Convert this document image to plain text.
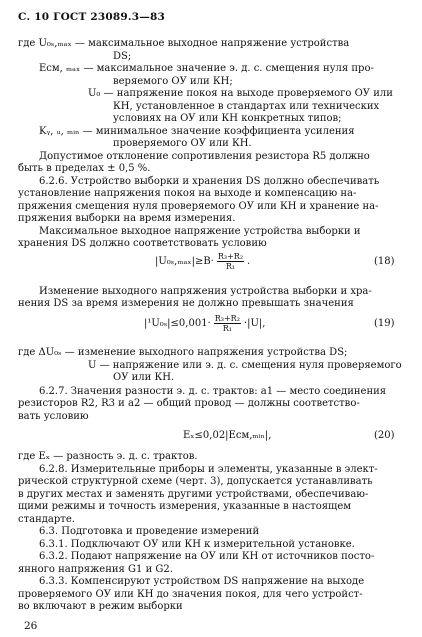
С. 10 ГОСТ 23089.3—83
где U₀ₛ,ₘₐₓ — максимальное выходное напряжение устройства
DS;
Eсм, ₘₐₓ — максимальное значение э. д. с. смещения нуля про-
веряемого ОУ или КН;
U₀ — напряжение покоя на выходе проверяемого ОУ или
КН, установленное в стандартах или технических
условиях на ОУ или КН конкретных типов;
Kᵧ, ᵤ, ₘᵢₙ — минимальное значение коэффициента усиления
проверяемого ОУ или КН.
Допустимое отклонение сопротивления резистора R5 должно
быть в пределах ± 0,5 %.
6.2.6. Устройство выборки и хранения DS должно обеспечивать
установление напряжения покоя на выходе и компенсацию на-
пряжения смещения нуля проверяемого ОУ или КН и хранение на-
пряжения выборки на время измерения.
Максимальное выходное напряжение устройства выборки и
хранения DS должно соответствовать условию
$|U_{0s},_{max}|\ge B\cdot \frac{\text{R₃+R₂}}{\text{R₁}}$ .	(18)
Изменение выходного напряжения устройства выборки и хра-
нения DS за время измерения не должно превышать значения
$|^1U_{0s}|\le 0,001\cdot \frac{\text{R₃+R₂}}{\text{R₁}} \cdot|U|$,	(19)
где ΔU₀ₛ — изменение выходного напряжения устройства DS;
U — напряжение или э. д. с. смещения нуля проверяемого
ОУ или КН.
6.2.7. Значения разности э. д. с. трактов: a1 — место соединения
резисторов R2, R3 и a2 — общий провод — должны соответство-
вать условию
Eₓ≤0,02|Eсм,ₘᵢₙ|,	(20)
где Eₓ — разность э. д. с. трактов.
6.2.8. Измерительные приборы и элементы, указанные в элект-
рической структурной схеме (черт. 3), допускается устанавливать
в других местах и заменять другими устройствами, обеспечиваю-
щими режимы и точность измерения, указанные в настоящем
стандарте.
6.3. Подготовка и проведение измерений
6.3.1. Подключают ОУ или КН к измерительной установке.
6.3.2. Подают напряжение на ОУ или КН от источников посто-
янного напряжения G1 и G2.
6.3.3. Компенсируют устройством DS напряжение на выходе
проверяемого ОУ или КН до значения покоя, для чего устройст-
во включают в режим выборки
26
